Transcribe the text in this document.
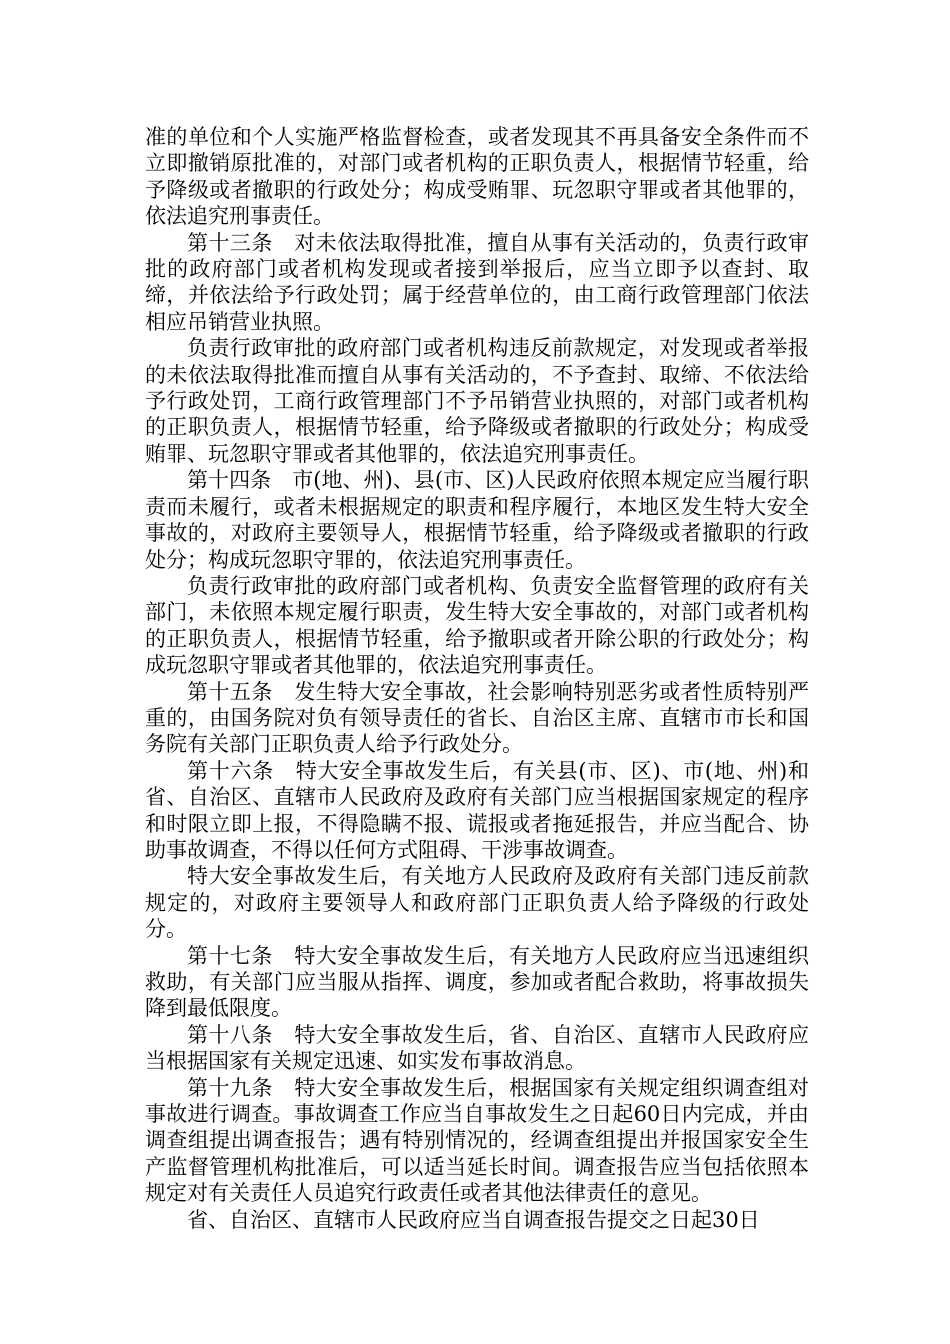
准的单位和个人实施严格监督检查，或者发现其不再具备安全条件而不立即撤销原批准的，对部门或者机构的正职负责人，根据情节轻重，给予降级或者撤职的行政处分；构成受贿罪、玩忽职守罪或者其他罪的，依法追究刑事责任。

第十三条　对未依法取得批准，擅自从事有关活动的，负责行政审批的政府部门或者机构发现或者接到举报后，应当立即予以查封、取缔，并依法给予行政处罚；属于经营单位的，由工商行政管理部门依法相应吊销营业执照。

负责行政审批的政府部门或者机构违反前款规定，对发现或者举报的未依法取得批准而擅自从事有关活动的，不予查封、取缔、不依法给予行政处罚，工商行政管理部门不予吊销营业执照的，对部门或者机构的正职负责人，根据情节轻重，给予降级或者撤职的行政处分；构成受贿罪、玩忽职守罪或者其他罪的，依法追究刑事责任。

第十四条　市(地、州)、县(市、区)人民政府依照本规定应当履行职责而未履行，或者未根据规定的职责和程序履行，本地区发生特大安全事故的，对政府主要领导人，根据情节轻重，给予降级或者撤职的行政处分；构成玩忽职守罪的，依法追究刑事责任。

负责行政审批的政府部门或者机构、负责安全监督管理的政府有关部门，未依照本规定履行职责，发生特大安全事故的，对部门或者机构的正职负责人，根据情节轻重，给予撤职或者开除公职的行政处分；构成玩忽职守罪或者其他罪的，依法追究刑事责任。

第十五条　发生特大安全事故，社会影响特别恶劣或者性质特别严重的，由国务院对负有领导责任的省长、自治区主席、直辖市市长和国务院有关部门正职负责人给予行政处分。

第十六条　特大安全事故发生后，有关县(市、区)、市(地、州)和省、自治区、直辖市人民政府及政府有关部门应当根据国家规定的程序和时限立即上报，不得隐瞒不报、谎报或者拖延报告，并应当配合、协助事故调查，不得以任何方式阻碍、干涉事故调查。

特大安全事故发生后，有关地方人民政府及政府有关部门违反前款规定的，对政府主要领导人和政府部门正职负责人给予降级的行政处分。

第十七条　特大安全事故发生后，有关地方人民政府应当迅速组织救助，有关部门应当服从指挥、调度，参加或者配合救助，将事故损失降到最低限度。

第十八条　特大安全事故发生后，省、自治区、直辖市人民政府应当根据国家有关规定迅速、如实发布事故消息。

第十九条　特大安全事故发生后，根据国家有关规定组织调查组对事故进行调查。事故调查工作应当自事故发生之日起60日内完成，并由调查组提出调查报告；遇有特别情况的，经调查组提出并报国家安全生产监督管理机构批准后，可以适当延长时间。调查报告应当包括依照本规定对有关责任人员追究行政责任或者其他法律责任的意见。

省、自治区、直辖市人民政府应当自调查报告提交之日起30日
